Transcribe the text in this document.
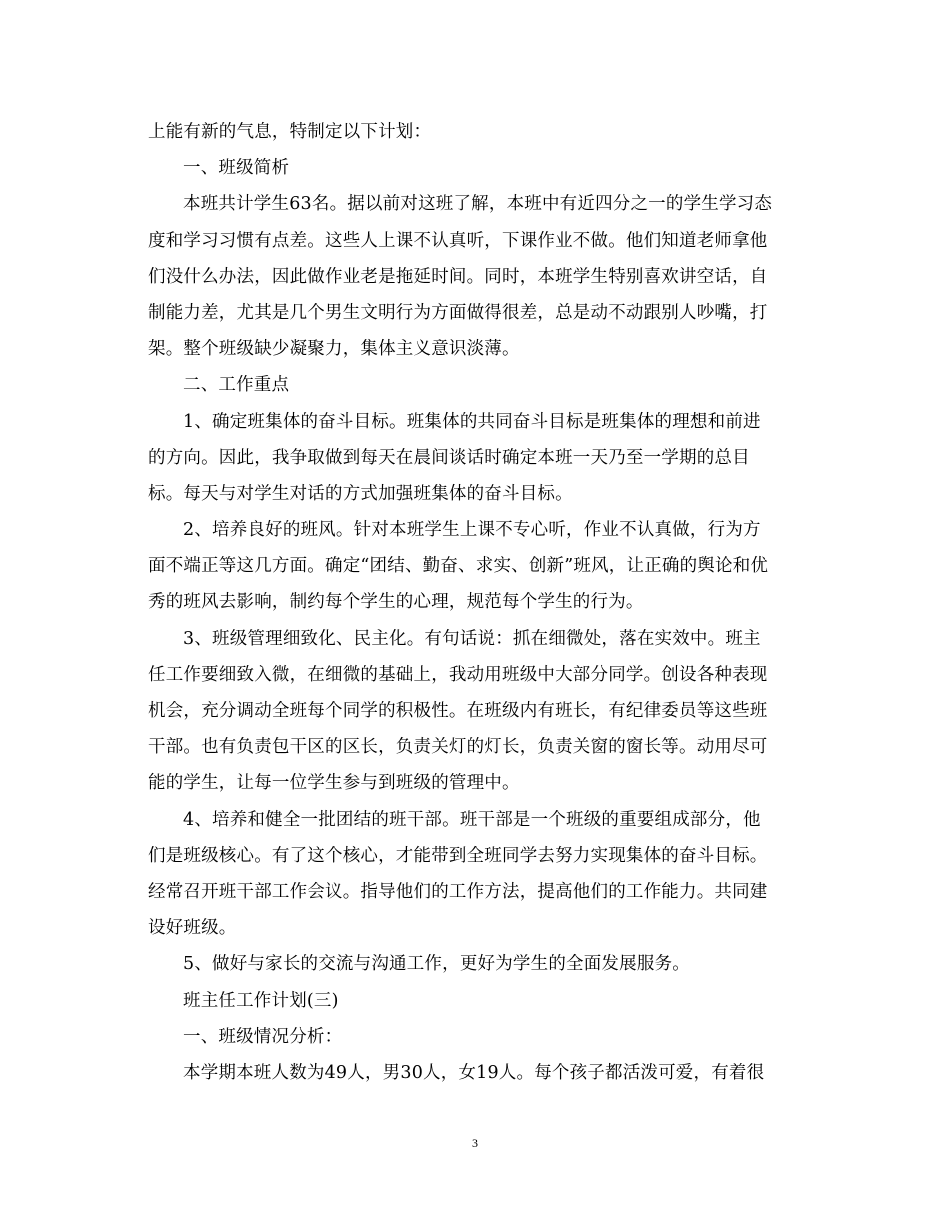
上能有新的气息，特制定以下计划：
一、班级简析
本班共计学生63名。据以前对这班了解，本班中有近四分之一的学生学习态
度和学习习惯有点差。这些人上课不认真听，下课作业不做。他们知道老师拿他
们没什么办法，因此做作业老是拖延时间。同时，本班学生特别喜欢讲空话，自
制能力差，尤其是几个男生文明行为方面做得很差，总是动不动跟别人吵嘴，打
架。整个班级缺少凝聚力，集体主义意识淡薄。
二、工作重点
1、确定班集体的奋斗目标。班集体的共同奋斗目标是班集体的理想和前进
的方向。因此，我争取做到每天在晨间谈话时确定本班一天乃至一学期的总目
标。每天与对学生对话的方式加强班集体的奋斗目标。
2、培养良好的班风。针对本班学生上课不专心听，作业不认真做，行为方
面不端正等这几方面。确定“团结、勤奋、求实、创新”班风，让正确的舆论和优
秀的班风去影响，制约每个学生的心理，规范每个学生的行为。
3、班级管理细致化、民主化。有句话说：抓在细微处，落在实效中。班主
任工作要细致入微，在细微的基础上，我动用班级中大部分同学。创设各种表现
机会，充分调动全班每个同学的积极性。在班级内有班长，有纪律委员等这些班
干部。也有负责包干区的区长，负责关灯的灯长，负责关窗的窗长等。动用尽可
能的学生，让每一位学生参与到班级的管理中。
4、培养和健全一批团结的班干部。班干部是一个班级的重要组成部分，他
们是班级核心。有了这个核心，才能带到全班同学去努力实现集体的奋斗目标。
经常召开班干部工作会议。指导他们的工作方法，提高他们的工作能力。共同建
设好班级。
5、做好与家长的交流与沟通工作，更好为学生的全面发展服务。
班主任工作计划(三)
一、班级情况分析：
本学期本班人数为49人，男30人，女19人。每个孩子都活泼可爱，有着很
3
